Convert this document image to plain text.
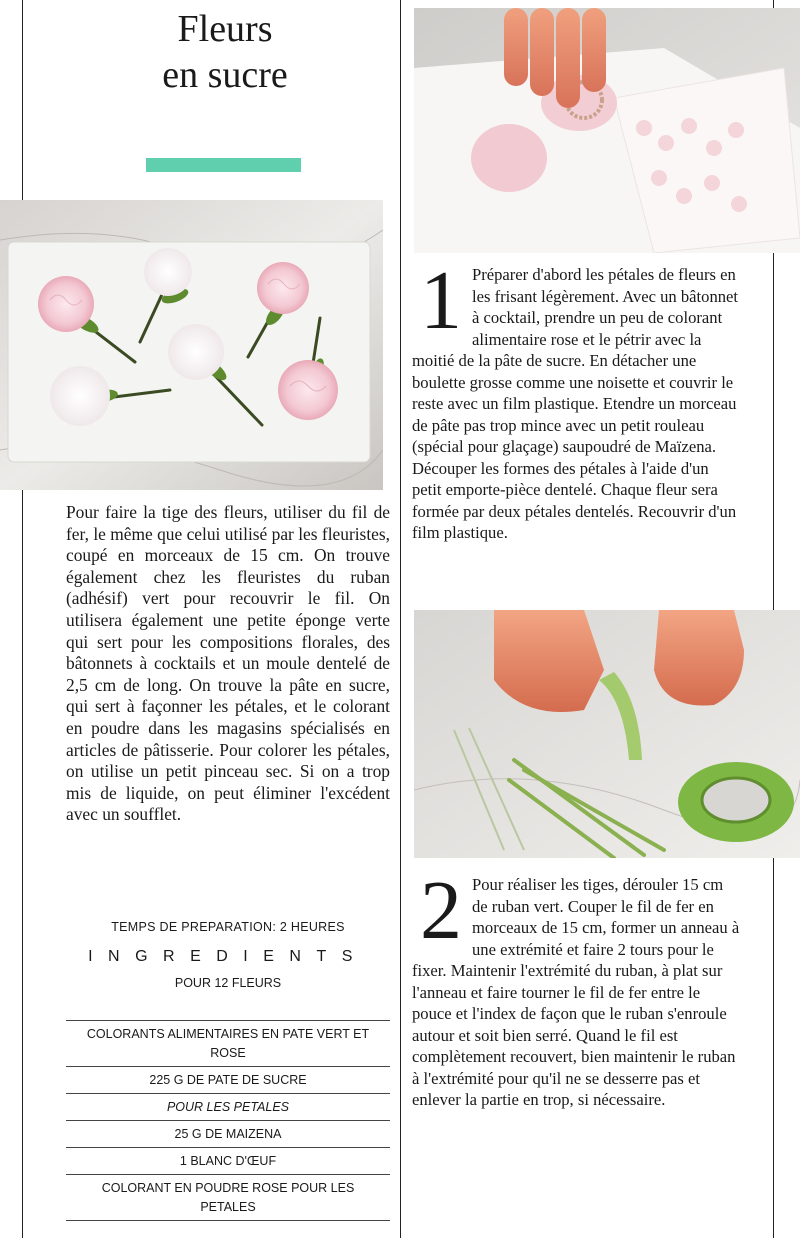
Fleurs
en sucre
Pour faire la tige des fleurs, utiliser du fil de fer, le même que celui utilisé par les fleuristes, coupé en morceaux de 15 cm. On trouve également chez les fleuristes du ruban (adhésif) vert pour recouvrir le fil. On utilisera également une petite éponge verte qui sert pour les compositions florales, des bâtonnets à cocktails et un moule dentelé de 2,5 cm de long. On trouve la pâte en sucre, qui sert à façonner les pétales, et le colorant en poudre dans les magasins spécialisés en articles de pâtisserie. Pour colorer les pétales, on utilise un petit pinceau sec. Si on a trop mis de liquide, on peut éliminer l'excédent avec un soufflet.
TEMPS DE PREPARATION: 2 HEURES
INGREDIENTS
POUR 12 FLEURS
COLORANTS ALIMENTAIRES EN PATE VERT ET ROSE
225 G DE PATE DE SUCRE
POUR LES PETALES
25 G DE MAIZENA
1 BLANC D'ŒUF
COLORANT EN POUDRE ROSE POUR LES PETALES
1 Préparer d'abord les pétales de fleurs en les frisant légèrement. Avec un bâtonnet à cocktail, prendre un peu de colorant alimentaire rose et le pétrir avec la moitié de la pâte de sucre. En détacher une boulette grosse comme une noisette et couvrir le reste avec un film plastique. Etendre un morceau de pâte pas trop mince avec un petit rouleau (spécial pour glaçage) saupoudré de Maïzena. Découper les formes des pétales à l'aide d'un petit emporte-pièce dentelé. Chaque fleur sera formée par deux pétales dentelés. Recouvrir d'un film plastique.
2 Pour réaliser les tiges, dérouler 15 cm de ruban vert. Couper le fil de fer en morceaux de 15 cm, former un anneau à une extrémité et faire 2 tours pour le fixer. Maintenir l'extrémité du ruban, à plat sur l'anneau et faire tourner le fil de fer entre le pouce et l'index de façon que le ruban s'enroule autour et soit bien serré. Quand le fil est complètement recouvert, bien maintenir le ruban à l'extrémité pour qu'il ne se desserre pas et enlever la partie en trop, si nécessaire.
